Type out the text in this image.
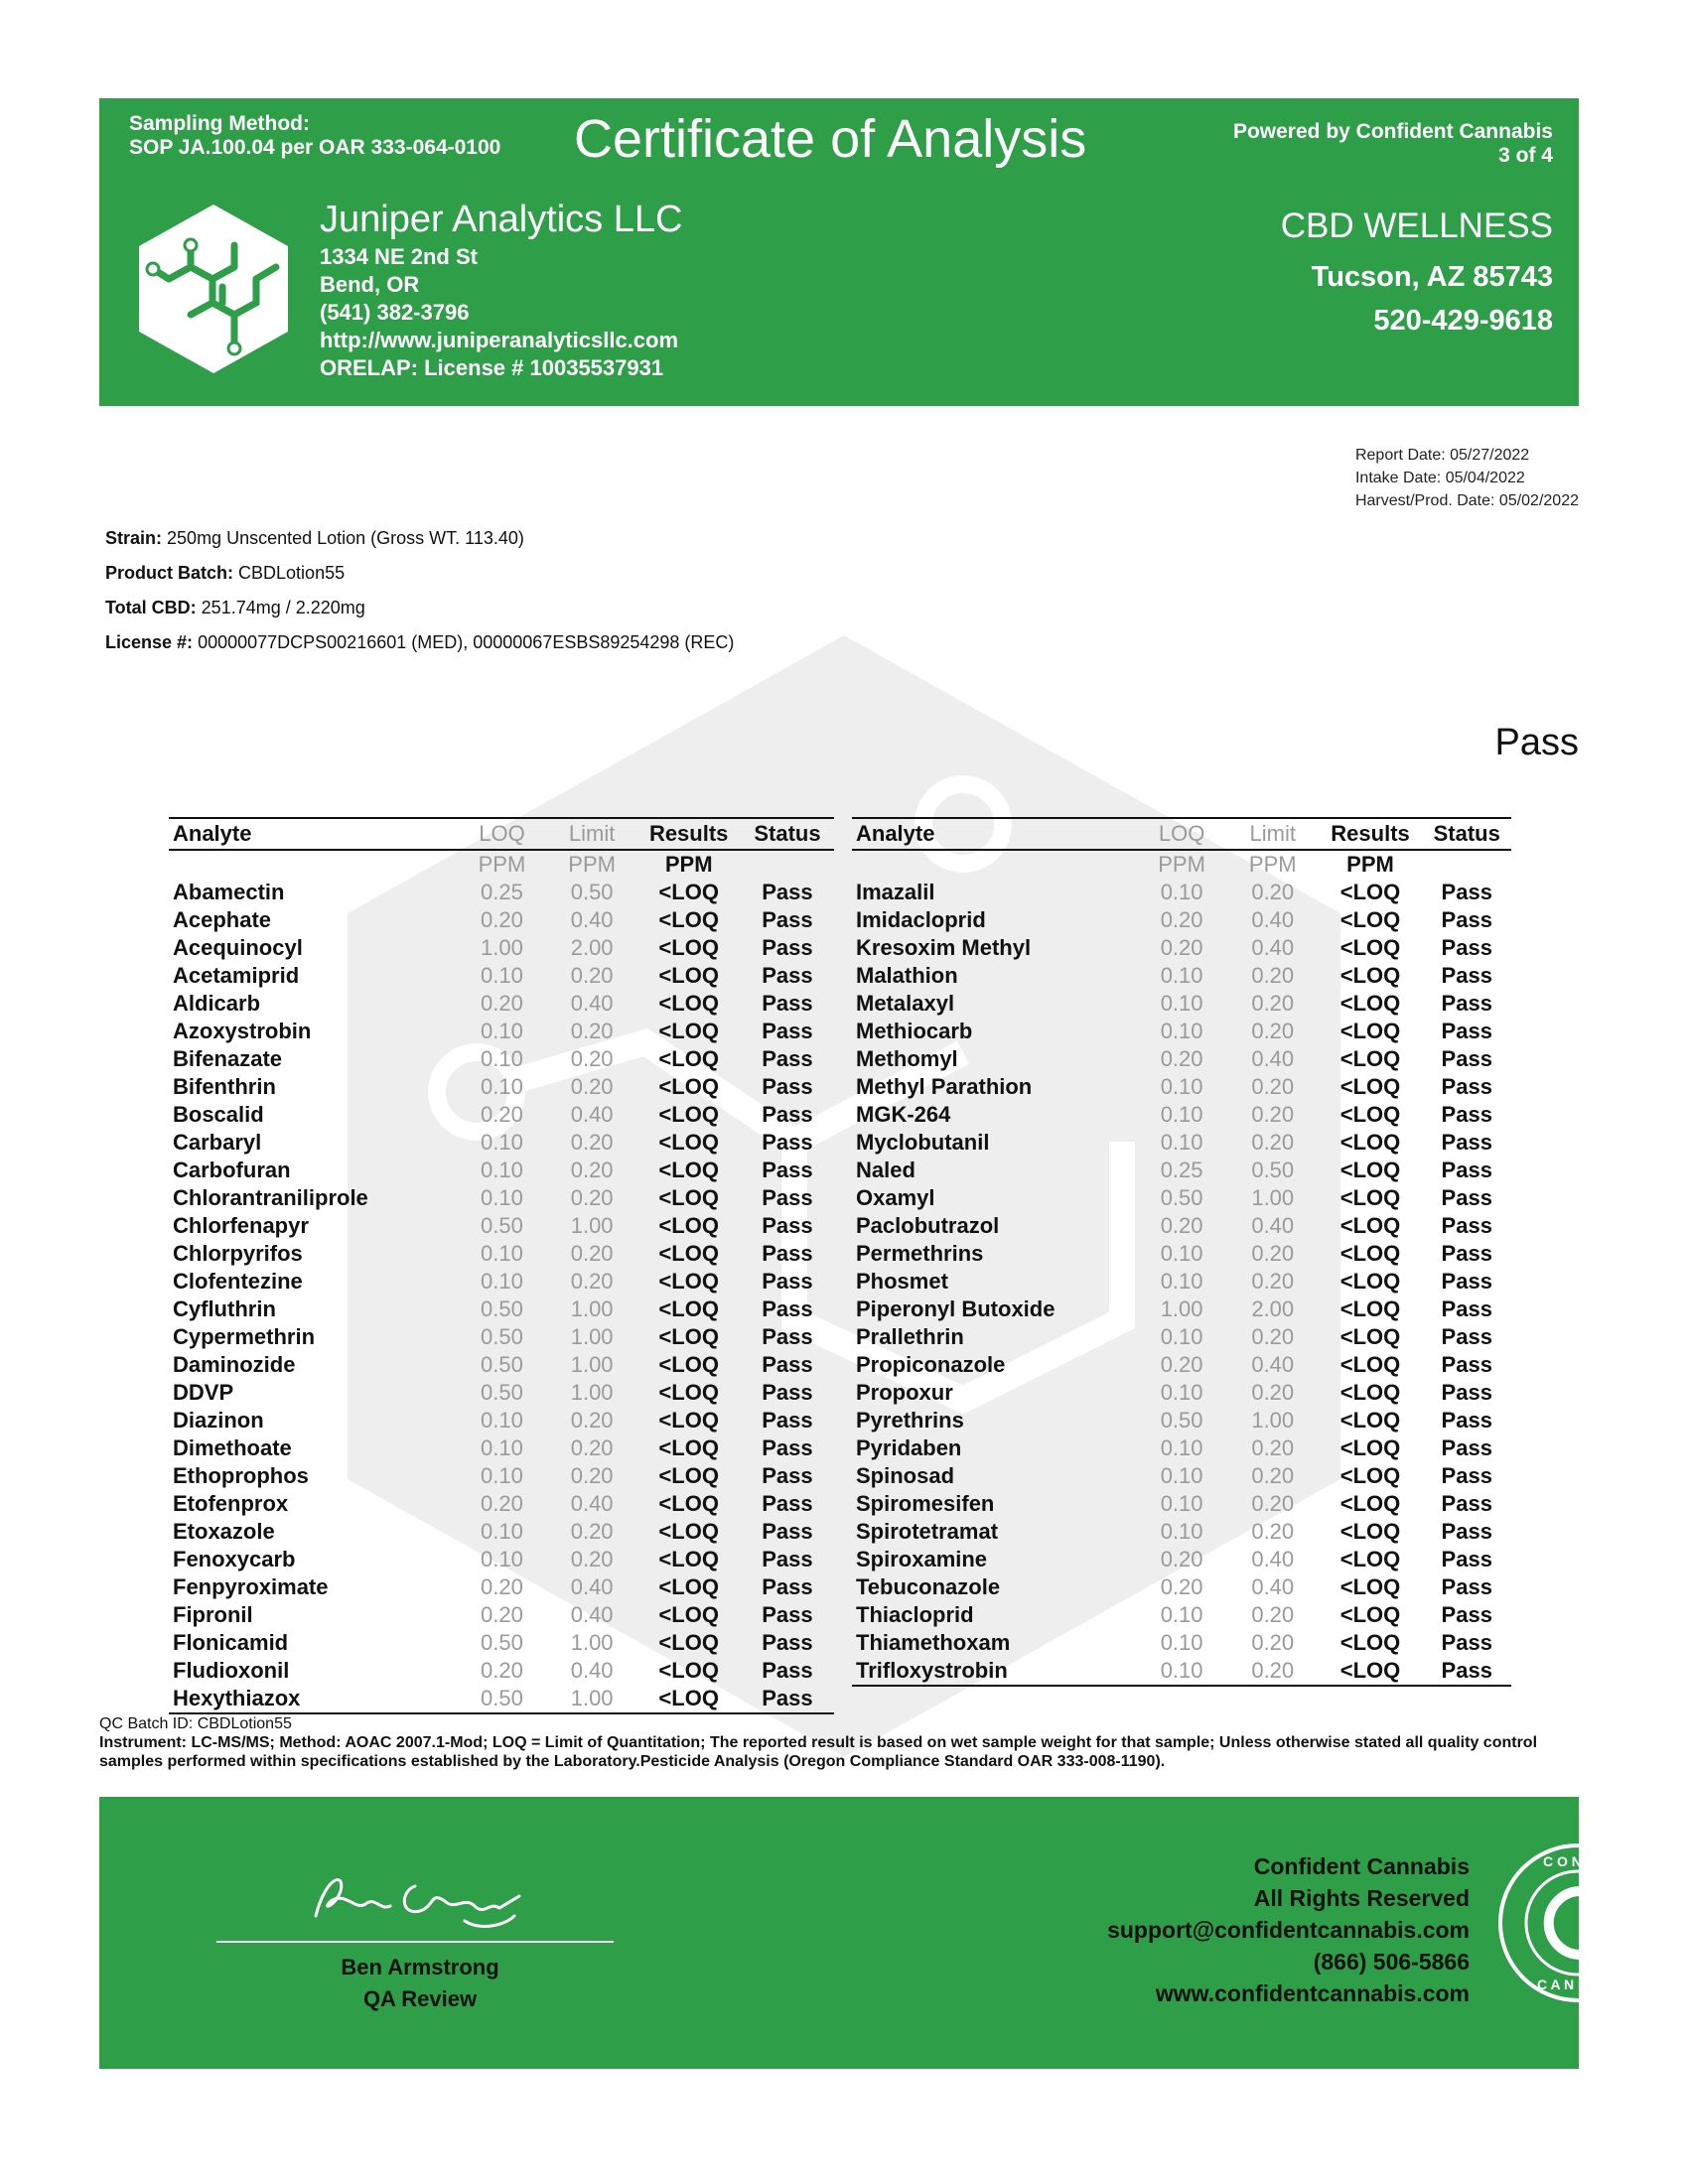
Sampling Method:
SOP JA.100.04 per OAR 333-064-0100 Certificate of Analysis	Powered by Confident Cannabis
3 of 4
Juniper Analytics LLC
1334 NE 2nd St
Bend, OR
(541) 382-3796
http://www.juniperanalyticsllc.com
ORELAP: License # 10035537931
CBD WELLNESS
Tucson, AZ 85743
520-429-9618
Report Date: 05/27/2022
Intake Date: 05/04/2022
Harvest/Prod. Date: 05/02/2022
Strain: 250mg Unscented Lotion (Gross WT. 113.40)
Product Batch: CBDLotion55
Total CBD: 251.74mg / 2.220mg
License #: 00000077DCPS00216601 (MED), 00000067ESBS89254298 (REC)
Pass
Analyte	LOQ	Limit	Results	Status
	PPM	PPM	PPM	
Abamectin	0.25	0.50	<LOQ	Pass
Acephate	0.20	0.40	<LOQ	Pass
Acequinocyl	1.00	2.00	<LOQ	Pass
Acetamiprid	0.10	0.20	<LOQ	Pass
Aldicarb	0.20	0.40	<LOQ	Pass
Azoxystrobin	0.10	0.20	<LOQ	Pass
Bifenazate	0.10	0.20	<LOQ	Pass
Bifenthrin	0.10	0.20	<LOQ	Pass
Boscalid	0.20	0.40	<LOQ	Pass
Carbaryl	0.10	0.20	<LOQ	Pass
Carbofuran	0.10	0.20	<LOQ	Pass
Chlorantraniliprole	0.10	0.20	<LOQ	Pass
Chlorfenapyr	0.50	1.00	<LOQ	Pass
Chlorpyrifos	0.10	0.20	<LOQ	Pass
Clofentezine	0.10	0.20	<LOQ	Pass
Cyfluthrin	0.50	1.00	<LOQ	Pass
Cypermethrin	0.50	1.00	<LOQ	Pass
Daminozide	0.50	1.00	<LOQ	Pass
DDVP	0.50	1.00	<LOQ	Pass
Diazinon	0.10	0.20	<LOQ	Pass
Dimethoate	0.10	0.20	<LOQ	Pass
Ethoprophos	0.10	0.20	<LOQ	Pass
Etofenprox	0.20	0.40	<LOQ	Pass
Etoxazole	0.10	0.20	<LOQ	Pass
Fenoxycarb	0.10	0.20	<LOQ	Pass
Fenpyroximate	0.20	0.40	<LOQ	Pass
Fipronil	0.20	0.40	<LOQ	Pass
Flonicamid	0.50	1.00	<LOQ	Pass
Fludioxonil	0.20	0.40	<LOQ	Pass
Hexythiazox	0.50	1.00	<LOQ	Pass
Analyte	LOQ	Limit	Results	Status
	PPM	PPM	PPM	
Imazalil	0.10	0.20	<LOQ	Pass
Imidacloprid	0.20	0.40	<LOQ	Pass
Kresoxim Methyl	0.20	0.40	<LOQ	Pass
Malathion	0.10	0.20	<LOQ	Pass
Metalaxyl	0.10	0.20	<LOQ	Pass
Methiocarb	0.10	0.20	<LOQ	Pass
Methomyl	0.20	0.40	<LOQ	Pass
Methyl Parathion	0.10	0.20	<LOQ	Pass
MGK-264	0.10	0.20	<LOQ	Pass
Myclobutanil	0.10	0.20	<LOQ	Pass
Naled	0.25	0.50	<LOQ	Pass
Oxamyl	0.50	1.00	<LOQ	Pass
Paclobutrazol	0.20	0.40	<LOQ	Pass
Permethrins	0.10	0.20	<LOQ	Pass
Phosmet	0.10	0.20	<LOQ	Pass
Piperonyl Butoxide	1.00	2.00	<LOQ	Pass
Prallethrin	0.10	0.20	<LOQ	Pass
Propiconazole	0.20	0.40	<LOQ	Pass
Propoxur	0.10	0.20	<LOQ	Pass
Pyrethrins	0.50	1.00	<LOQ	Pass
Pyridaben	0.10	0.20	<LOQ	Pass
Spinosad	0.10	0.20	<LOQ	Pass
Spiromesifen	0.10	0.20	<LOQ	Pass
Spirotetramat	0.10	0.20	<LOQ	Pass
Spiroxamine	0.20	0.40	<LOQ	Pass
Tebuconazole	0.20	0.40	<LOQ	Pass
Thiacloprid	0.10	0.20	<LOQ	Pass
Thiamethoxam	0.10	0.20	<LOQ	Pass
Trifloxystrobin	0.10	0.20	<LOQ	Pass
QC Batch ID: CBDLotion55
Instrument: LC-MS/MS; Method: AOAC 2007.1-Mod; LOQ = Limit of Quantitation; The reported result is based on wet sample weight for that sample; Unless otherwise stated all quality control samples performed within specifications established by the Laboratory.Pesticide Analysis (Oregon Compliance Standard OAR 333-008-1190).
Ben Armstrong
QA Review
Confident Cannabis
All Rights Reserved
support@confidentcannabis.com
(866) 506-5866
www.confidentcannabis.com
C O N F I D E N T
C A N N A B I S
